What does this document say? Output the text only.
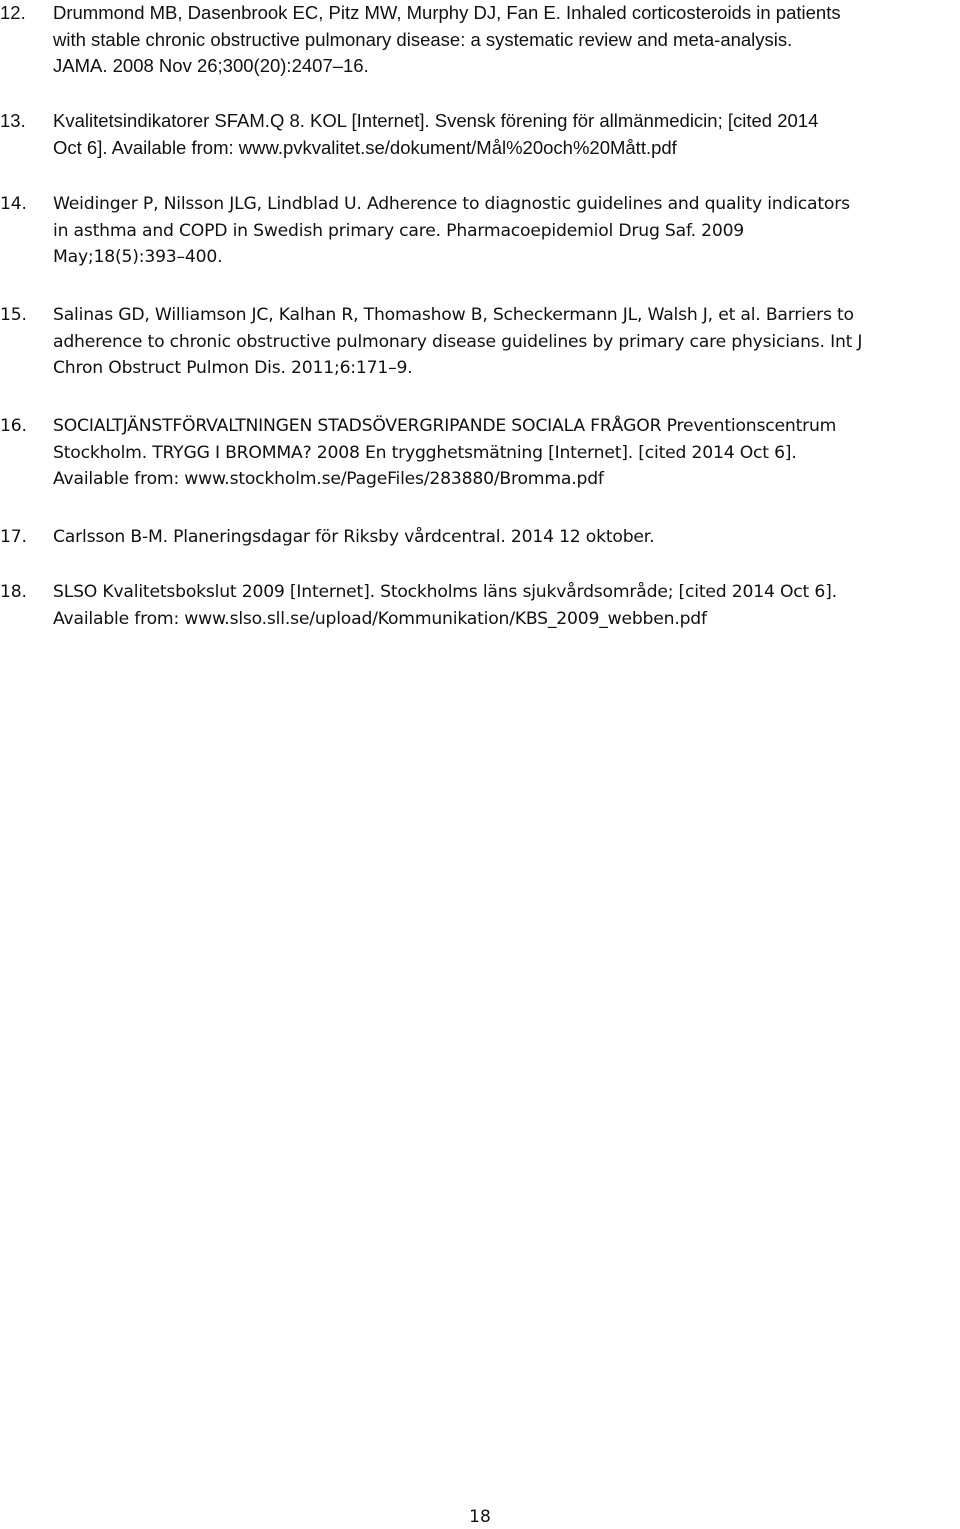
12. Drummond MB, Dasenbrook EC, Pitz MW, Murphy DJ, Fan E. Inhaled corticosteroids in patients
with stable chronic obstructive pulmonary disease: a systematic review and meta-analysis.
JAMA. 2008 Nov 26;300(20):2407–16.
13. Kvalitetsindikatorer SFAM.Q 8. KOL [Internet]. Svensk förening för allmänmedicin; [cited 2014
Oct 6]. Available from: www.pvkvalitet.se/dokument/Mål%20och%20Mått.pdf
14. Weidinger P, Nilsson JLG, Lindblad U. Adherence to diagnostic guidelines and quality indicators
in asthma and COPD in Swedish primary care. Pharmacoepidemiol Drug Saf. 2009
May;18(5):393–400.
15. Salinas GD, Williamson JC, Kalhan R, Thomashow B, Scheckermann JL, Walsh J, et al. Barriers to
adherence to chronic obstructive pulmonary disease guidelines by primary care physicians. Int J
Chron Obstruct Pulmon Dis. 2011;6:171–9.
16. SOCIALTJÄNSTFÖRVALTNINGEN STADSÖVERGRIPANDE SOCIALA FRÅGOR Preventionscentrum
Stockholm. TRYGG I BROMMA? 2008 En trygghetsmätning [Internet]. [cited 2014 Oct 6].
Available from: www.stockholm.se/PageFiles/283880/Bromma.pdf
17. Carlsson B-M. Planeringsdagar för Riksby vårdcentral. 2014 12 oktober.
18. SLSO Kvalitetsbokslut 2009 [Internet]. Stockholms läns sjukvårdsområde; [cited 2014 Oct 6].
Available from: www.slso.sll.se/upload/Kommunikation/KBS_2009_webben.pdf
18
